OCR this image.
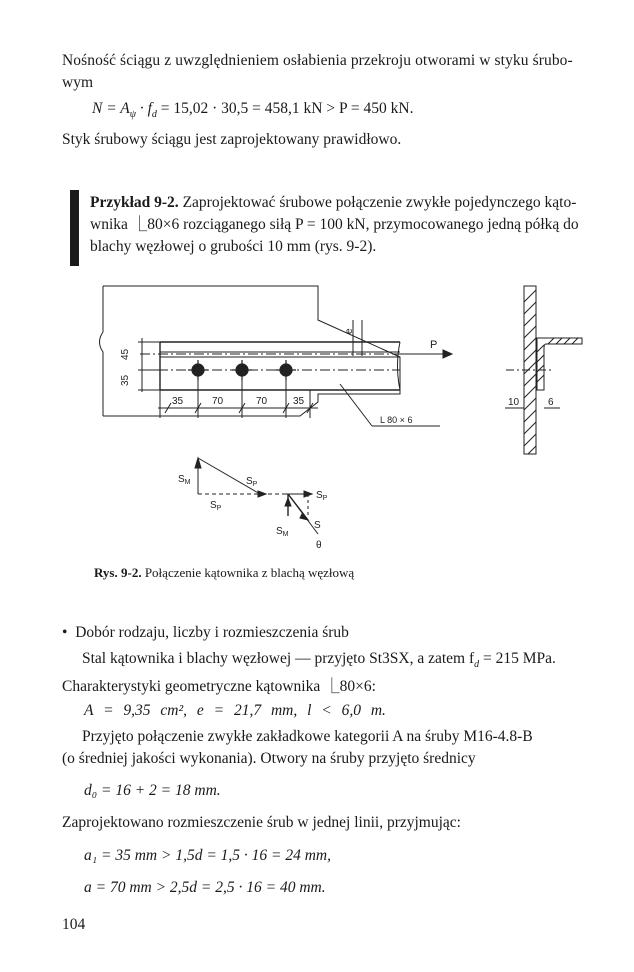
Nośność ściągu z uwzględnieniem osłabienia przekroju otworami w styku śrubo-
wym
$N = A_\psi \cdot f_d = 15,02 \cdot 30,5 = 458,1$ kN > P = 450 kN.
Styk śrubowy ściągu jest zaprojektowany prawidłowo.
Przykład 9-2. Zaprojektować śrubowe połączenie zwykłe pojedynczego kąto-
wnika ⎿80×6 rozciąganego siłą P = 100 kN, przymocowanego jedną półką do
blachy węzłowej o grubości 10 mm (rys. 9-2).
P
45
35
e
35	70	70	35
L 80 × 6
10	6
$S_M$	$S_P$
$S_P$
$S_P$
S
$S_M$
θ
Rys. 9-2. Połączenie kątownika z blachą węzłową
• Dobór rodzaju, liczby i rozmieszczenia śrub
Stal kątownika i blachy węzłowej — przyjęto St3SX, a zatem $f_d = 215$ MPa.
Charakterystyki geometryczne kątownika ⎿80×6:
A = 9,35 cm², e = 21,7 mm, l < 6,0 m.
Przyjęto połączenie zwykłe zakładkowe kategorii A na śruby M16-4.8-B
(o średniej jakości wykonania). Otwory na śruby przyjęto średnicy
d₀ = 16 + 2 = 18 mm.
Zaprojektowano rozmieszczenie śrub w jednej linii, przyjmując:
a₁ = 35 mm > 1,5d = 1,5 · 16 = 24 mm,
a = 70 mm > 2,5d = 2,5 · 16 = 40 mm.
104
